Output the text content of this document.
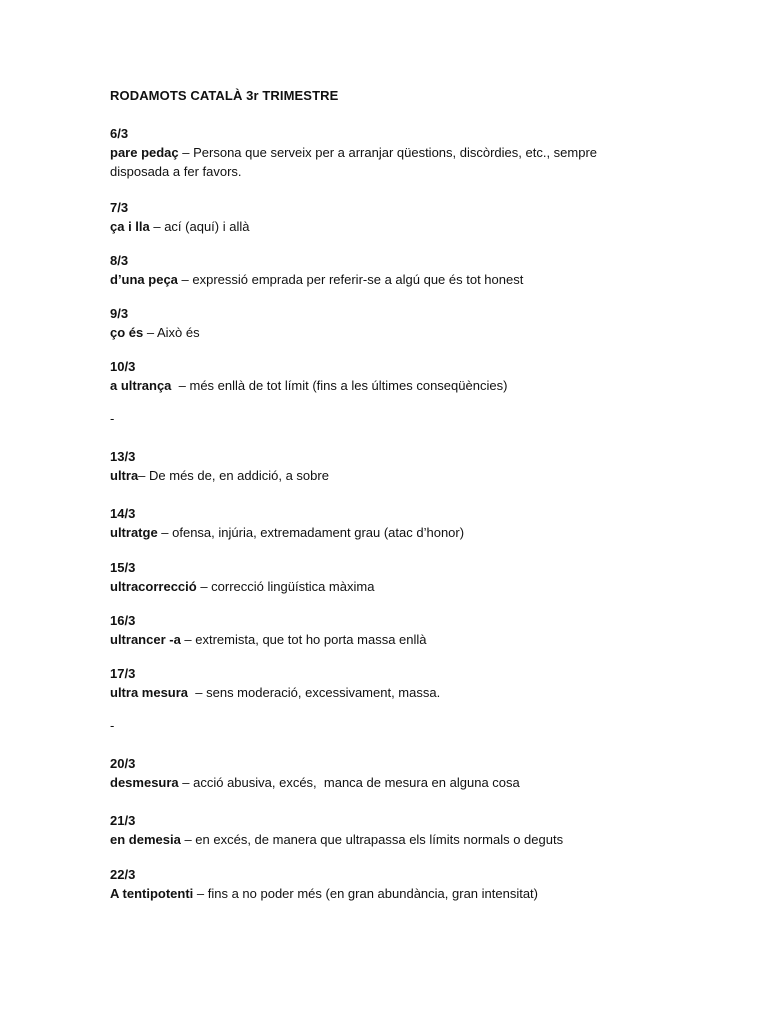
RODAMOTS CATALÀ 3r TRIMESTRE
6/3
pare pedaç – Persona que serveix per a arranjar qüestions, discòrdies, etc., sempre
disposada a fer favors.
7/3
ça i lla – ací (aquí) i allà
8/3
d’una peça – expressió emprada per referir-se a algú que és tot honest
9/3
ço és – Això és
10/3
a ultrança  – més enllà de tot límit (fins a les últimes conseqüències)
-
13/3
ultra– De més de, en addició, a sobre
14/3
ultratge – ofensa, injúria, extremadament grau (atac d’honor)
15/3
ultracorrecció – correcció lingüística màxima
16/3
ultrancer -a – extremista, que tot ho porta massa enllà
17/3
ultra mesura  – sens moderació, excessivament, massa.
-
20/3
desmesura – acció abusiva, excés,  manca de mesura en alguna cosa
21/3
en demesia – en excés, de manera que ultrapassa els límits normals o deguts
22/3
A tentipotenti – fins a no poder més (en gran abundància, gran intensitat)
